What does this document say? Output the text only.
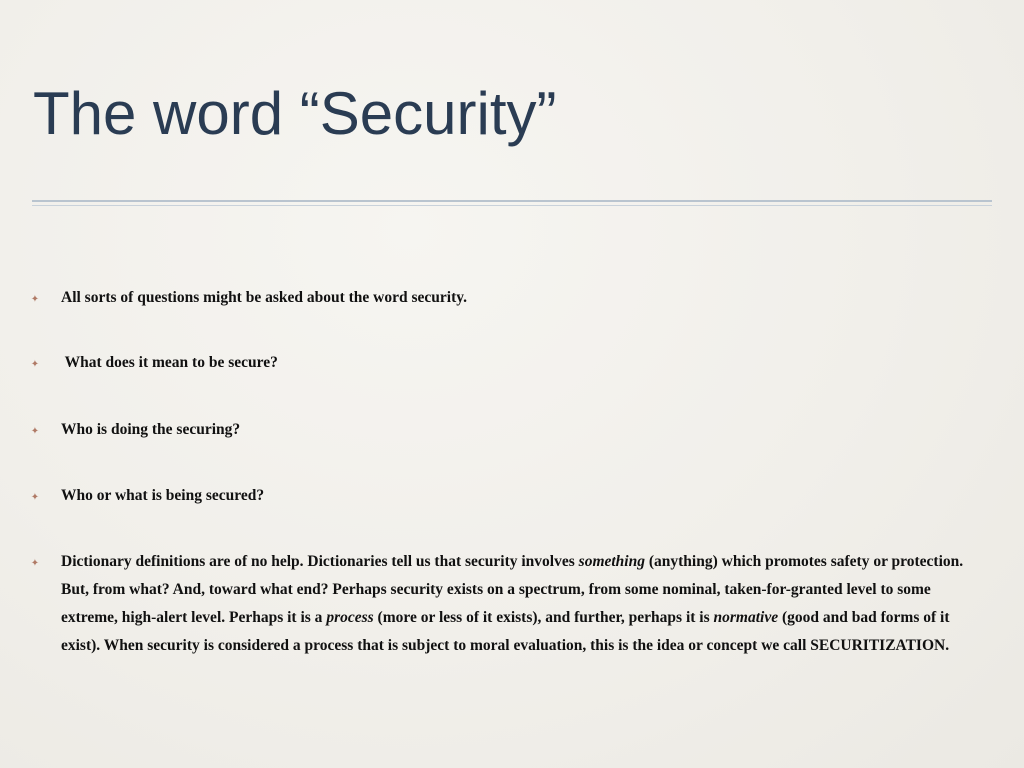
The word “Security”
✦ All sorts of questions might be asked about the word security.

✦ What does it mean to be secure?

✦ Who is doing the securing?

✦ Who or what is being secured?

✦ Dictionary definitions are of no help. Dictionaries tell us that security involves something (anything) which promotes safety or protection. But, from what? And, toward what end? Perhaps security exists on a spectrum, from some nominal, taken-for-granted level to some extreme, high-alert level. Perhaps it is a process (more or less of it exists), and further, perhaps it is normative (good and bad forms of it exist). When security is considered a process that is subject to moral evaluation, this is the idea or concept we call SECURITIZATION.
